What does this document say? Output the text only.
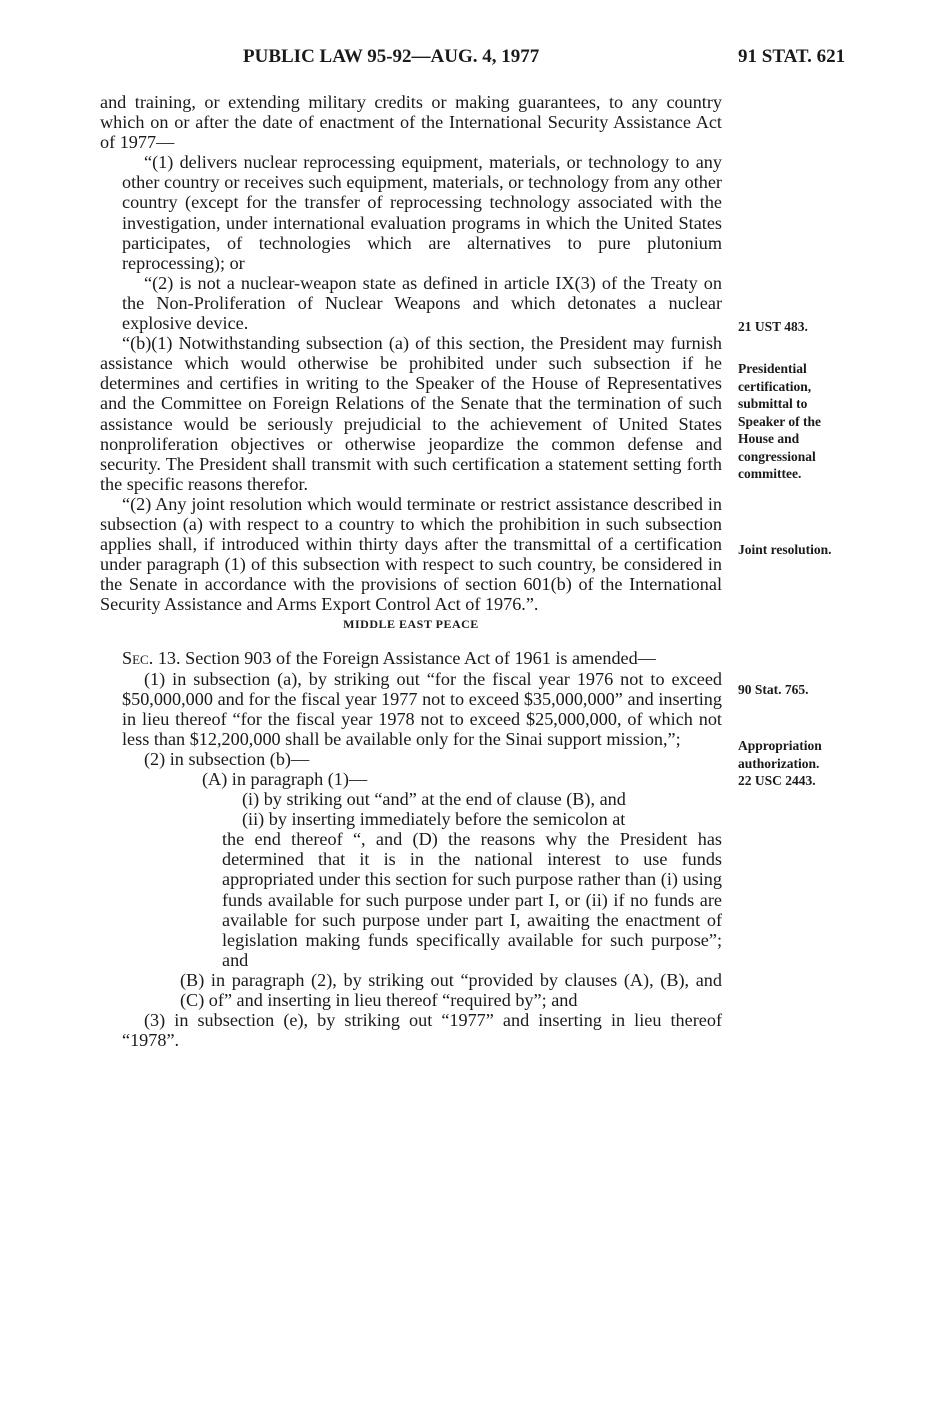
PUBLIC LAW 95-92—AUG. 4, 1977	91 STAT. 621
and training, or extending military credits or making guarantees, to any country which on or after the date of enactment of the International Security Assistance Act of 1977—
“(1) delivers nuclear reprocessing equipment, materials, or technology to any other country or receives such equipment, materials, or technology from any other country (except for the transfer of reprocessing technology associated with the investigation, under international evaluation programs in which the United States participates, of technologies which are alternatives to pure plutonium reprocessing); or
“(2) is not a nuclear-weapon state as defined in article IX(3) of the Treaty on the Non-Proliferation of Nuclear Weapons and which detonates a nuclear explosive device.
“(b)(1) Notwithstanding subsection (a) of this section, the President may furnish assistance which would otherwise be prohibited under such subsection if he determines and certifies in writing to the Speaker of the House of Representatives and the Committee on Foreign Relations of the Senate that the termination of such assistance would be seriously prejudicial to the achievement of United States nonproliferation objectives or otherwise jeopardize the common defense and security. The President shall transmit with such certification a statement setting forth the specific reasons therefor.
“(2) Any joint resolution which would terminate or restrict assistance described in subsection (a) with respect to a country to which the prohibition in such subsection applies shall, if introduced within thirty days after the transmittal of a certification under paragraph (1) of this subsection with respect to such country, be considered in the Senate in accordance with the provisions of section 601(b) of the International Security Assistance and Arms Export Control Act of 1976.”.
MIDDLE EAST PEACE
Sec. 13. Section 903 of the Foreign Assistance Act of 1961 is amended—
(1) in subsection (a), by striking out “for the fiscal year 1976 not to exceed $50,000,000 and for the fiscal year 1977 not to exceed $35,000,000” and inserting in lieu thereof “for the fiscal year 1978 not to exceed $25,000,000, of which not less than $12,200,000 shall be available only for the Sinai support mission,”;
(2) in subsection (b)—
(A) in paragraph (1)—
(i) by striking out “and” at the end of clause (B), and
(ii) by inserting immediately before the semicolon at
the end thereof “, and (D) the reasons why the President has determined that it is in the national interest to use funds appropriated under this section for such purpose rather than (i) using funds available for such purpose under part I, or (ii) if no funds are available for such purpose under part I, awaiting the enactment of legislation making funds specifically available for such purpose”; and
(B) in paragraph (2), by striking out “provided by clauses (A), (B), and (C) of” and inserting in lieu thereof “required by”; and
(3) in subsection (e), by striking out “1977” and inserting in lieu thereof “1978”.
21 UST 483.
Presidential certification, submittal to Speaker of the House and congressional committee.
Joint resolution.
90 Stat. 765.
Appropriation authorization.
22 USC 2443.
